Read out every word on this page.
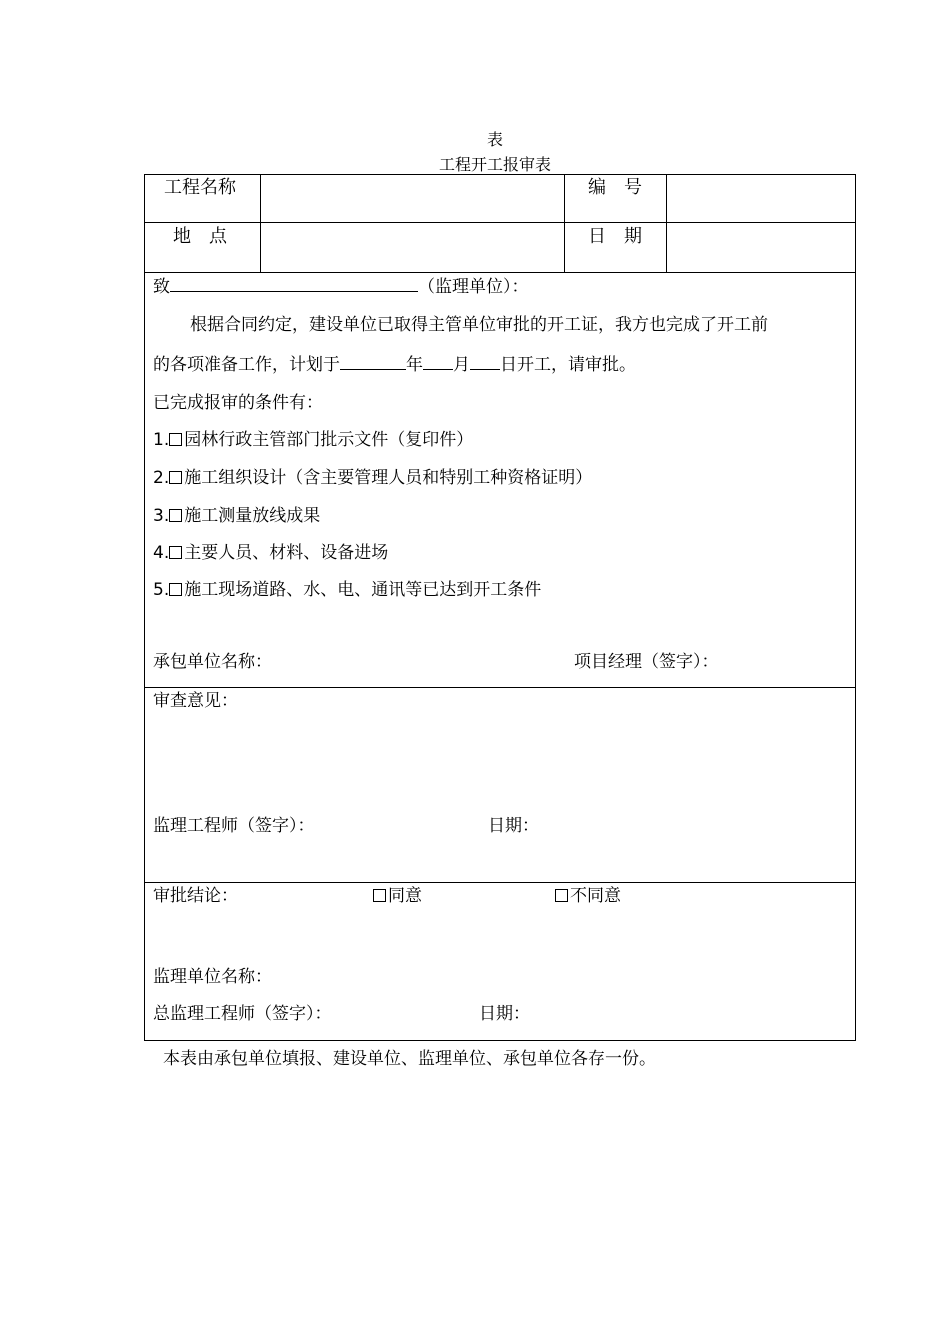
表
工程开工报审表
工程名称	编　号
地　点	日　期
致	（监理单位）：
根据合同约定，建设单位已取得主管单位审批的开工证，我方也完成了开工前
的各项准备工作，计划于	年 月 日开工，请审批。
已完成报审的条件有：
1. 园林行政主管部门批示文件（复印件）
2. 施工组织设计（含主要管理人员和特别工种资格证明）
3. 施工测量放线成果
4. 主要人员、材料、设备进场
5. 施工现场道路、水、电、通讯等已达到开工条件
承包单位名称：	项目经理（签字）：
审查意见：
监理工程师（签字）：	日期：
审批结论：	同意	不同意
监理单位名称：
总监理工程师（签字）：	日期：
本表由承包单位填报、建设单位、监理单位、承包单位各存一份。
